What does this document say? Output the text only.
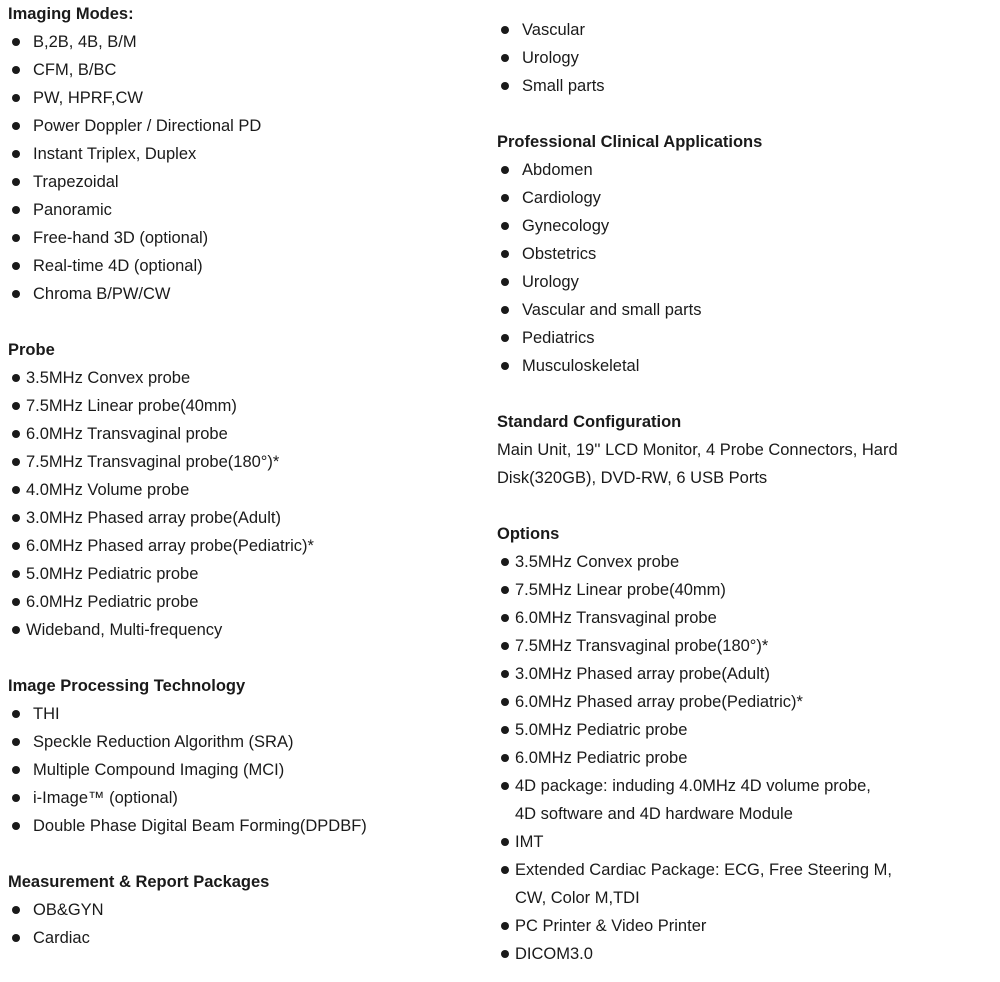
Imaging Modes:

B,2B, 4B, B/M
CFM, B/BC
PW, HPRF,CW
Power Doppler / Directional PD
Instant Triplex, Duplex
Trapezoidal
Panoramic
Free-hand 3D (optional)
Real-time 4D (optional)
Chroma B/PW/CW

Probe

3.5MHz Convex probe
7.5MHz Linear probe(40mm)
6.0MHz Transvaginal probe
7.5MHz Transvaginal probe(180°)*
4.0MHz Volume probe
3.0MHz Phased array probe(Adult)
6.0MHz Phased array probe(Pediatric)*
5.0MHz Pediatric probe
6.0MHz Pediatric probe
Wideband, Multi-frequency

Image Processing Technology

THI
Speckle Reduction Algorithm (SRA)
Multiple Compound Imaging (MCI)
i-Image™ (optional)
Double Phase Digital Beam Forming(DPDBF)

Measurement & Report Packages

OB&GYN
Cardiac
Vascular
Urology
Small parts

Professional Clinical Applications

Abdomen
Cardiology
Gynecology
Obstetrics
Urology
Vascular and small parts
Pediatrics
Musculoskeletal

Standard Configuration

Main Unit, 19'' LCD Monitor, 4 Probe Connectors, Hard
Disk(320GB), DVD-RW, 6 USB Ports

Options

3.5MHz Convex probe
7.5MHz Linear probe(40mm)
6.0MHz Transvaginal probe
7.5MHz Transvaginal probe(180°)*
3.0MHz Phased array probe(Adult)
6.0MHz Phased array probe(Pediatric)*
5.0MHz Pediatric probe
6.0MHz Pediatric probe
4D package: induding 4.0MHz 4D volume probe,
4D software and 4D hardware Module
IMT
Extended Cardiac Package: ECG, Free Steering M,
CW, Color M,TDI
PC Printer & Video Printer
DICOM3.0
